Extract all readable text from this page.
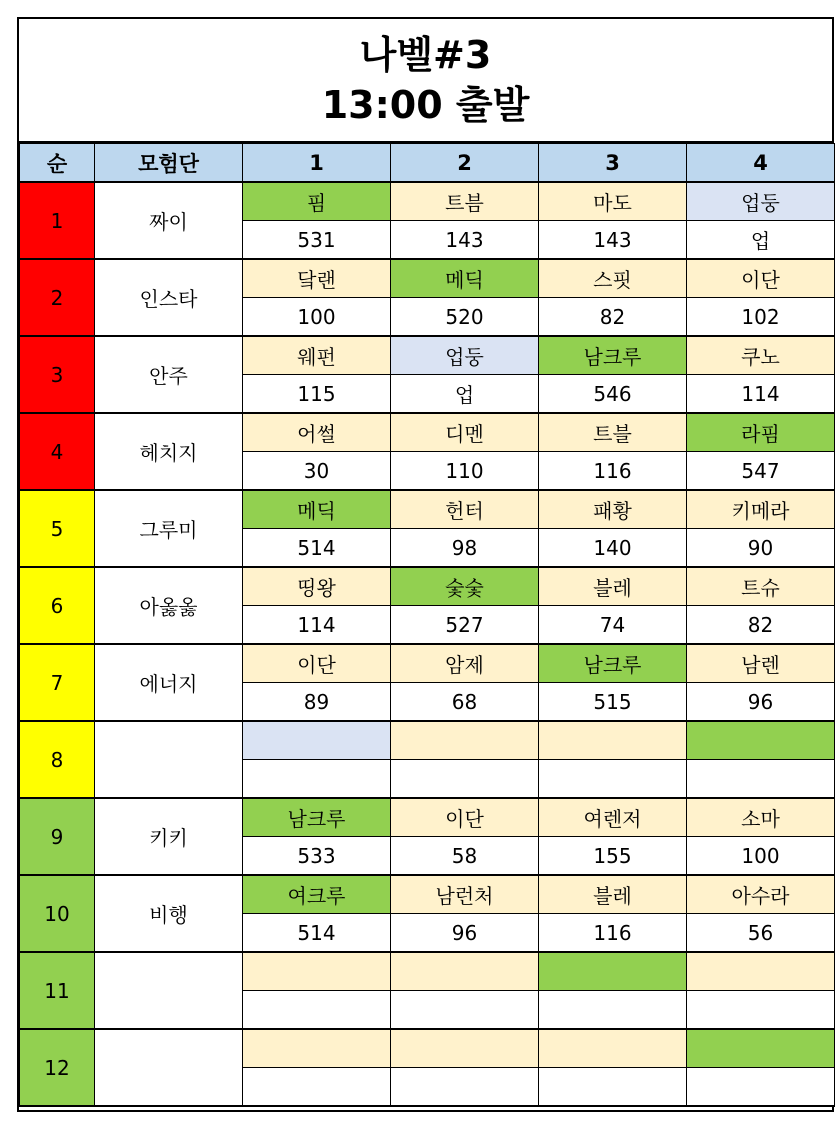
나벨#3
13:00 출발
순	모험단	1	2	3	4
1	짜이	핌	트븜	마도	업둥
		531	143	143	업
2	인스타	닼랜	메딕	스핏	이단
		100	520	82	102
3	안주	웨펀	업둥	남크루	쿠노
		115	업	546	114
4	헤치지	어썰	디멘	트블	라핌
		30	110	116	547
5	그루미	메딕	헌터	패황	키메라
		514	98	140	90
6	아옳옳	띵왕	숯숯	블레	트슈
		114	527	74	82
7	에너지	이단	암제	남크루	남렌
		89	68	515	96
8					

9	키키	남크루	이단	여렌저	소마
		533	58	155	100
10	비행	여크루	남런처	블레	아수라
		514	96	116	56
11					

12					
